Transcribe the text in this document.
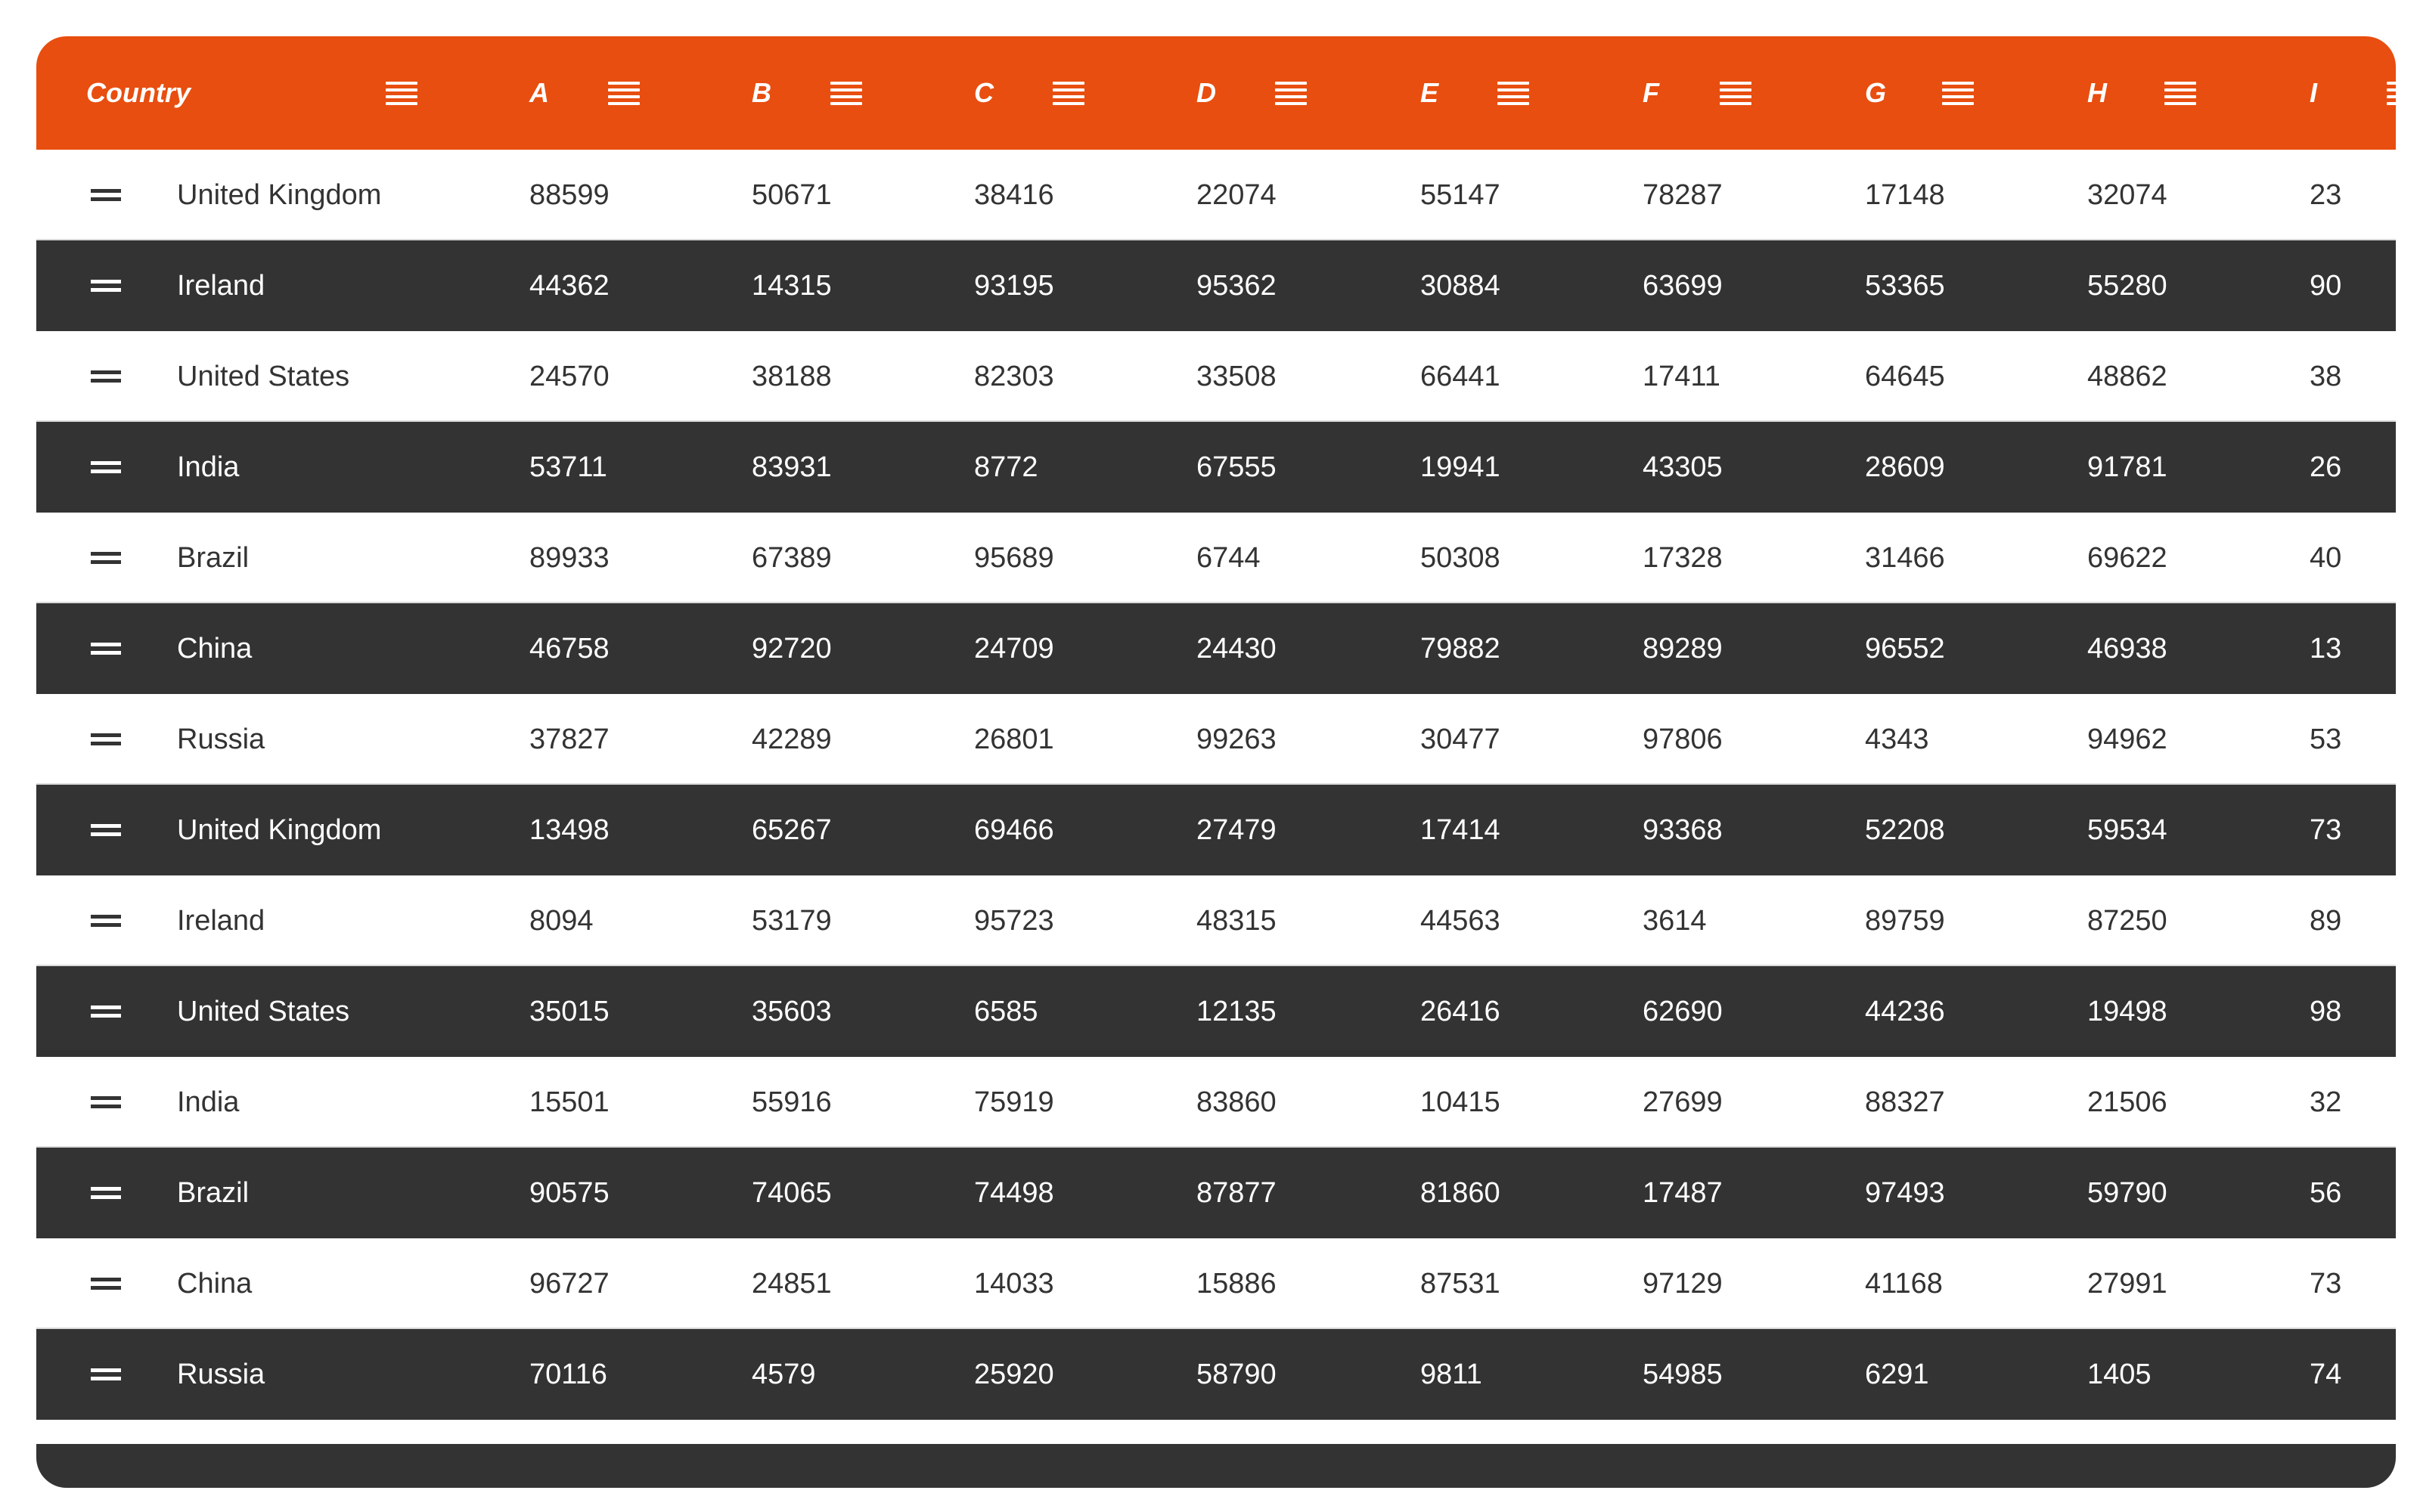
Country	A	B	C	D	E	F	G	H	I
United Kingdom	88599	50671	38416	22074	55147	78287	17148	32074	23
Ireland	44362	14315	93195	95362	30884	63699	53365	55280	90
United States	24570	38188	82303	33508	66441	17411	64645	48862	38
India	53711	83931	8772	67555	19941	43305	28609	91781	26
Brazil	89933	67389	95689	6744	50308	17328	31466	69622	40
China	46758	92720	24709	24430	79882	89289	96552	46938	13
Russia	37827	42289	26801	99263	30477	97806	4343	94962	53
United Kingdom	13498	65267	69466	27479	17414	93368	52208	59534	73
Ireland	8094	53179	95723	48315	44563	3614	89759	87250	89
United States	35015	35603	6585	12135	26416	62690	44236	19498	98
India	15501	55916	75919	83860	10415	27699	88327	21506	32
Brazil	90575	74065	74498	87877	81860	17487	97493	59790	56
China	96727	24851	14033	15886	87531	97129	41168	27991	73
Russia	70116	4579	25920	58790	9811	54985	6291	1405	74
